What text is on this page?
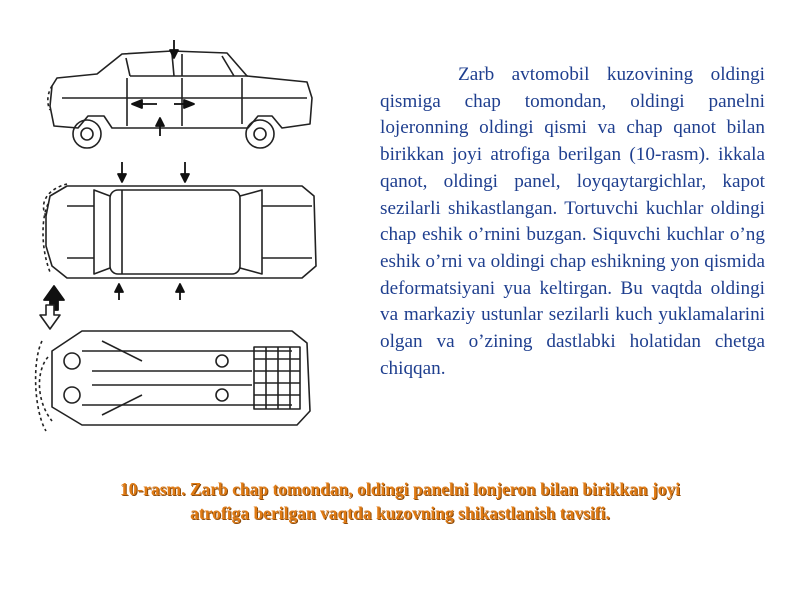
Zarb avtomobil kuzovining oldingi qismiga chap tomondan, oldingi panelni lojeronning oldingi qismi va chap qanot bilan birikkan joyi atrofiga berilgan (10-rasm). ikkala qanot, oldingi panel, loyqaytargichlar, kapot sezilarli shikastlangan. Tortuvchi kuchlar oldingi chap eshik o’rnini buzgan. Siquvchi kuchlar o’ng eshik o’rni va oldingi chap eshikning yon qismida deformatsiyani yua keltirgan. Bu vaqtda oldingi va markaziy ustunlar sezilarli kuch yuklamalarini olgan va o’zining dastlabki holatidan chetga chiqqan.

10-rasm. Zarb chap tomondan, oldingi panelni lonjeron bilan birikkan joyi
atrofiga berilgan vaqtda kuzovning shikastlanish tavsifi.
